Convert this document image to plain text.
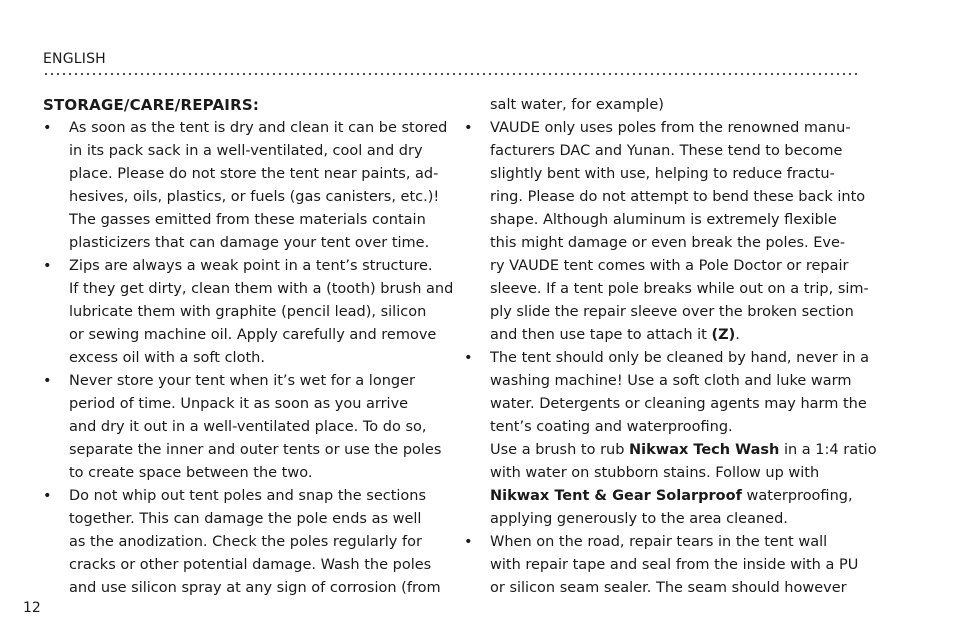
ENGLISH

STORAGE/CARE/REPAIRS:

• As soon as the tent is dry and clean it can be stored
in its pack sack in a well-ventilated, cool and dry
place. Please do not store the tent near paints, ad-
hesives, oils, plastics, or fuels (gas canisters, etc.)!
The gasses emitted from these materials contain
plasticizers that can damage your tent over time.
• Zips are always a weak point in a tent’s structure.
If they get dirty, clean them with a (tooth) brush and
lubricate them with graphite (pencil lead), silicon
or sewing machine oil. Apply carefully and remove
excess oil with a soft cloth.
• Never store your tent when it’s wet for a longer
period of time. Unpack it as soon as you arrive
and dry it out in a well-ventilated place. To do so,
separate the inner and outer tents or use the poles
to create space between the two.
• Do not whip out tent poles and snap the sections
together. This can damage the pole ends as well
as the anodization. Check the poles regularly for
cracks or other potential damage. Wash the poles
and use silicon spray at any sign of corrosion (from
salt water, for example)
• VAUDE only uses poles from the renowned manu-
facturers DAC and Yunan. These tend to become
slightly bent with use, helping to reduce fractu-
ring. Please do not attempt to bend these back into
shape. Although aluminum is extremely flexible
this might damage or even break the poles. Eve-
ry VAUDE tent comes with a Pole Doctor or repair
sleeve. If a tent pole breaks while out on a trip, sim-
ply slide the repair sleeve over the broken section
and then use tape to attach it (Z).
• The tent should only be cleaned by hand, never in a
washing machine! Use a soft cloth and luke warm
water. Detergents or cleaning agents may harm the
tent’s coating and waterproofing.
Use a brush to rub Nikwax Tech Wash in a 1:4 ratio
with water on stubborn stains. Follow up with
Nikwax Tent & Gear Solarproof waterproofing,
applying generously to the area cleaned.
• When on the road, repair tears in the tent wall
with repair tape and seal from the inside with a PU
or silicon seam sealer. The seam should however
12
